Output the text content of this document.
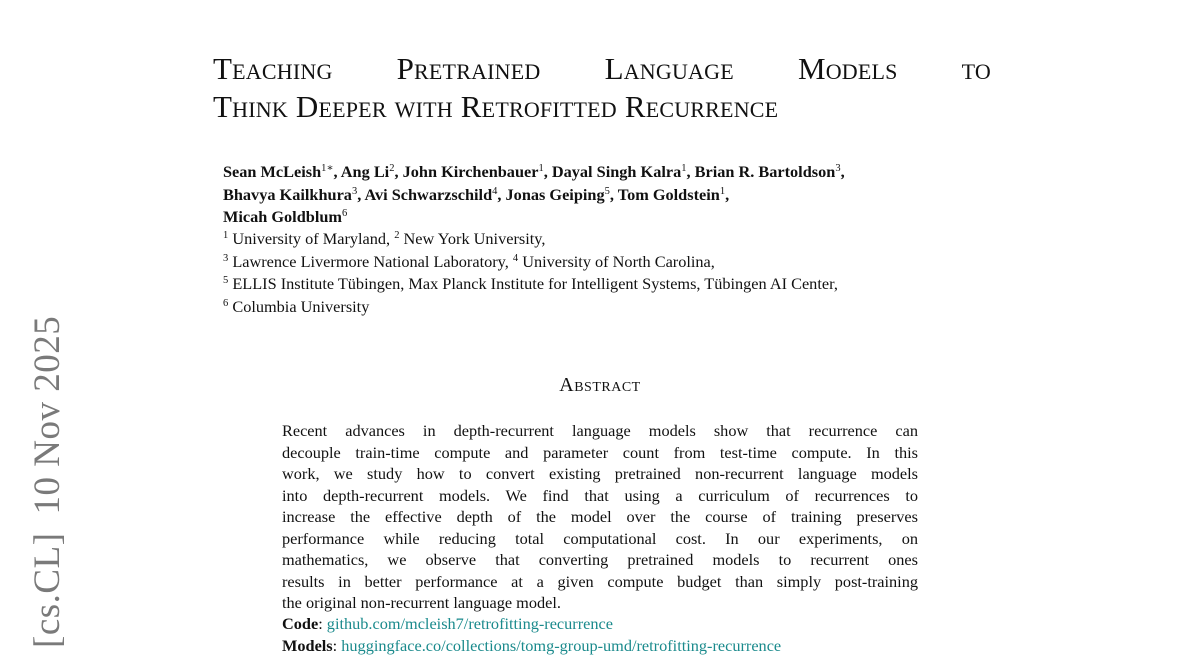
[cs.CL]10 Nov 2025
Teaching Pretrained Language Models to
Think Deeper with Retrofitted Recurrence
Sean McLeish$^{1∗}$, Ang Li$^2$, John Kirchenbauer$^1$, Dayal Singh Kalra$^1$, Brian R. Bartoldson$^3$,
Bhavya Kailkhura$^3$, Avi Schwarzschild$^4$, Jonas Geiping$^5$, Tom Goldstein$^1$,
Micah Goldblum$^6$
$^1$ University of Maryland, $^2$ New York University,
$^3$ Lawrence Livermore National Laboratory, $^4$ University of North Carolina,
$^5$ ELLIS Institute Tübingen, Max Planck Institute for Intelligent Systems, Tübingen AI Center,
$^6$ Columbia University
Abstract
Recent advances in depth-recurrent language models show that recurrence can
decouple train-time compute and parameter count from test-time compute. In this
work, we study how to convert existing pretrained non-recurrent language models
into depth-recurrent models. We find that using a curriculum of recurrences to
increase the effective depth of the model over the course of training preserves
performance while reducing total computational cost. In our experiments, on
mathematics, we observe that converting pretrained models to recurrent ones
results in better performance at a given compute budget than simply post-training
the original non-recurrent language model.
Code: github.com/mcleish7/retrofitting-recurrence
Models: huggingface.co/collections/tomg-group-umd/retrofitting-recurrence
